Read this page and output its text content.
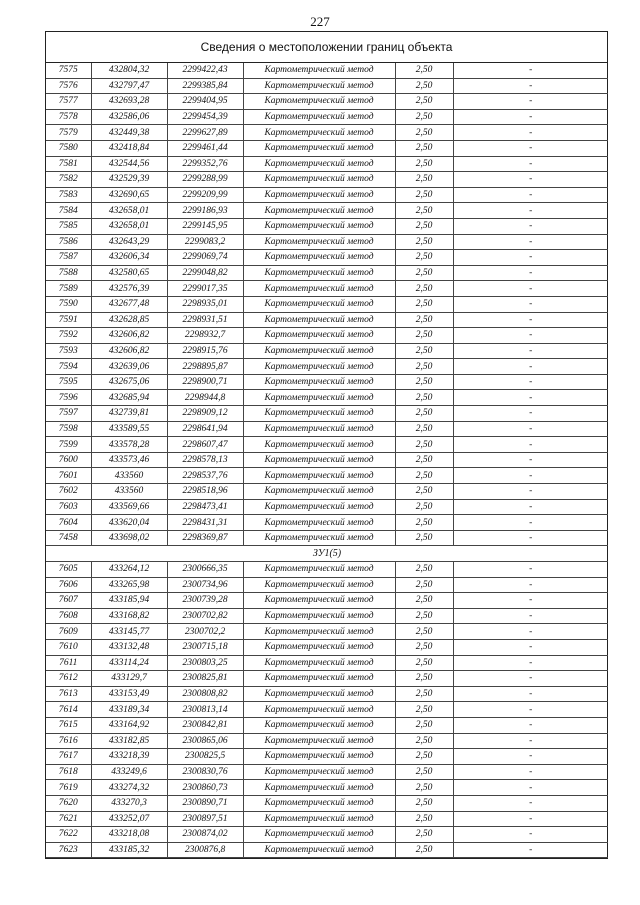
227
Сведения о местоположении границ объекта
7575	432804,32	2299422,43	Картометрический метод	2,50	-
7576	432797,47	2299385,84	Картометрический метод	2,50	-
7577	432693,28	2299404,95	Картометрический метод	2,50	-
7578	432586,06	2299454,39	Картометрический метод	2,50	-
7579	432449,38	2299627,89	Картометрический метод	2,50	-
7580	432418,84	2299461,44	Картометрический метод	2,50	-
7581	432544,56	2299352,76	Картометрический метод	2,50	-
7582	432529,39	2299288,99	Картометрический метод	2,50	-
7583	432690,65	2299209,99	Картометрический метод	2,50	-
7584	432658,01	2299186,93	Картометрический метод	2,50	-
7585	432658,01	2299145,95	Картометрический метод	2,50	-
7586	432643,29	2299083,2	Картометрический метод	2,50	-
7587	432606,34	2299069,74	Картометрический метод	2,50	-
7588	432580,65	2299048,82	Картометрический метод	2,50	-
7589	432576,39	2299017,35	Картометрический метод	2,50	-
7590	432677,48	2298935,01	Картометрический метод	2,50	-
7591	432628,85	2298931,51	Картометрический метод	2,50	-
7592	432606,82	2298932,7	Картометрический метод	2,50	-
7593	432606,82	2298915,76	Картометрический метод	2,50	-
7594	432639,06	2298895,87	Картометрический метод	2,50	-
7595	432675,06	2298900,71	Картометрический метод	2,50	-
7596	432685,94	2298944,8	Картометрический метод	2,50	-
7597	432739,81	2298909,12	Картометрический метод	2,50	-
7598	433589,55	2298641,94	Картометрический метод	2,50	-
7599	433578,28	2298607,47	Картометрический метод	2,50	-
7600	433573,46	2298578,13	Картометрический метод	2,50	-
7601	433560	2298537,76	Картометрический метод	2,50	-
7602	433560	2298518,96	Картометрический метод	2,50	-
7603	433569,66	2298473,41	Картометрический метод	2,50	-
7604	433620,04	2298431,31	Картометрический метод	2,50	-
7458	433698,02	2298369,87	Картометрический метод	2,50	-
ЗУ1(5)					
7605	433264,12	2300666,35	Картометрический метод	2,50	-
7606	433265,98	2300734,96	Картометрический метод	2,50	-
7607	433185,94	2300739,28	Картометрический метод	2,50	-
7608	433168,82	2300702,82	Картометрический метод	2,50	-
7609	433145,77	2300702,2	Картометрический метод	2,50	-
7610	433132,48	2300715,18	Картометрический метод	2,50	-
7611	433114,24	2300803,25	Картометрический метод	2,50	-
7612	433129,7	2300825,81	Картометрический метод	2,50	-
7613	433153,49	2300808,82	Картометрический метод	2,50	-
7614	433189,34	2300813,14	Картометрический метод	2,50	-
7615	433164,92	2300842,81	Картометрический метод	2,50	-
7616	433182,85	2300865,06	Картометрический метод	2,50	-
7617	433218,39	2300825,5	Картометрический метод	2,50	-
7618	433249,6	2300830,76	Картометрический метод	2,50	-
7619	433274,32	2300860,73	Картометрический метод	2,50	-
7620	433270,3	2300890,71	Картометрический метод	2,50	-
7621	433252,07	2300897,51	Картометрический метод	2,50	-
7622	433218,08	2300874,02	Картометрический метод	2,50	-
7623	433185,32	2300876,8	Картометрический метод	2,50	-
